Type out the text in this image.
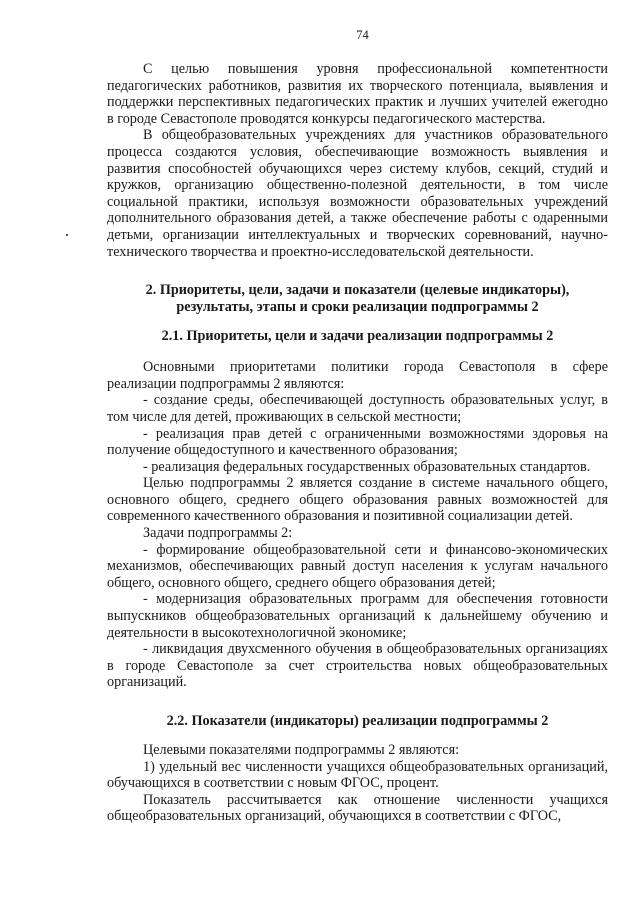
74

С целью повышения уровня профессиональной компетентности педагогических работников, развития их творческого потенциала, выявления и поддержки перспективных педагогических практик и лучших учителей ежегодно в городе Севастополе проводятся конкурсы педагогического мастерства.

В общеобразовательных учреждениях для участников образовательного процесса создаются условия, обеспечивающие возможность выявления и развития способностей обучающихся через систему клубов, секций, студий и кружков, организацию общественно-полезной деятельности, в том числе социальной практики, используя возможности образовательных учреждений дополнительного образования детей, а также обеспечение работы с одаренными детьми, организации интеллектуальных и творческих соревнований, научно-технического творчества и проектно-исследовательской деятельности.

2. Приоритеты, цели, задачи и показатели (целевые индикаторы),
результаты, этапы и сроки реализации подпрограммы 2
2.1. Приоритеты, цели и задачи реализации подпрограммы 2

Основными приоритетами политики города Севастополя в сфере реализации подпрограммы 2 являются:

- создание среды, обеспечивающей доступность образовательных услуг, в том числе для детей, проживающих в сельской местности;

- реализация прав детей с ограниченными возможностями здоровья на получение общедоступного и качественного образования;

- реализация федеральных государственных образовательных стандартов.

Целью подпрограммы 2 является создание в системе начального общего, основного общего, среднего общего образования равных возможностей для современного качественного образования и позитивной социализации детей.

Задачи подпрограммы 2:

- формирование общеобразовательной сети и финансово-экономических механизмов, обеспечивающих равный доступ населения к услугам начального общего, основного общего, среднего общего образования детей;

- модернизация образовательных программ для обеспечения готовности выпускников общеобразовательных организаций к дальнейшему обучению и деятельности в высокотехнологичной экономике;

- ликвидация двухсменного обучения в общеобразовательных организациях в городе Севастополе за счет строительства новых общеобразовательных организаций.

2.2. Показатели (индикаторы) реализации подпрограммы 2

Целевыми показателями подпрограммы 2 являются:

1) удельный вес численности учащихся общеобразовательных организаций, обучающихся в соответствии с новым ФГОС, процент.

Показатель рассчитывается как отношение численности учащихся общеобразовательных организаций, обучающихся в соответствии с ФГОС,
